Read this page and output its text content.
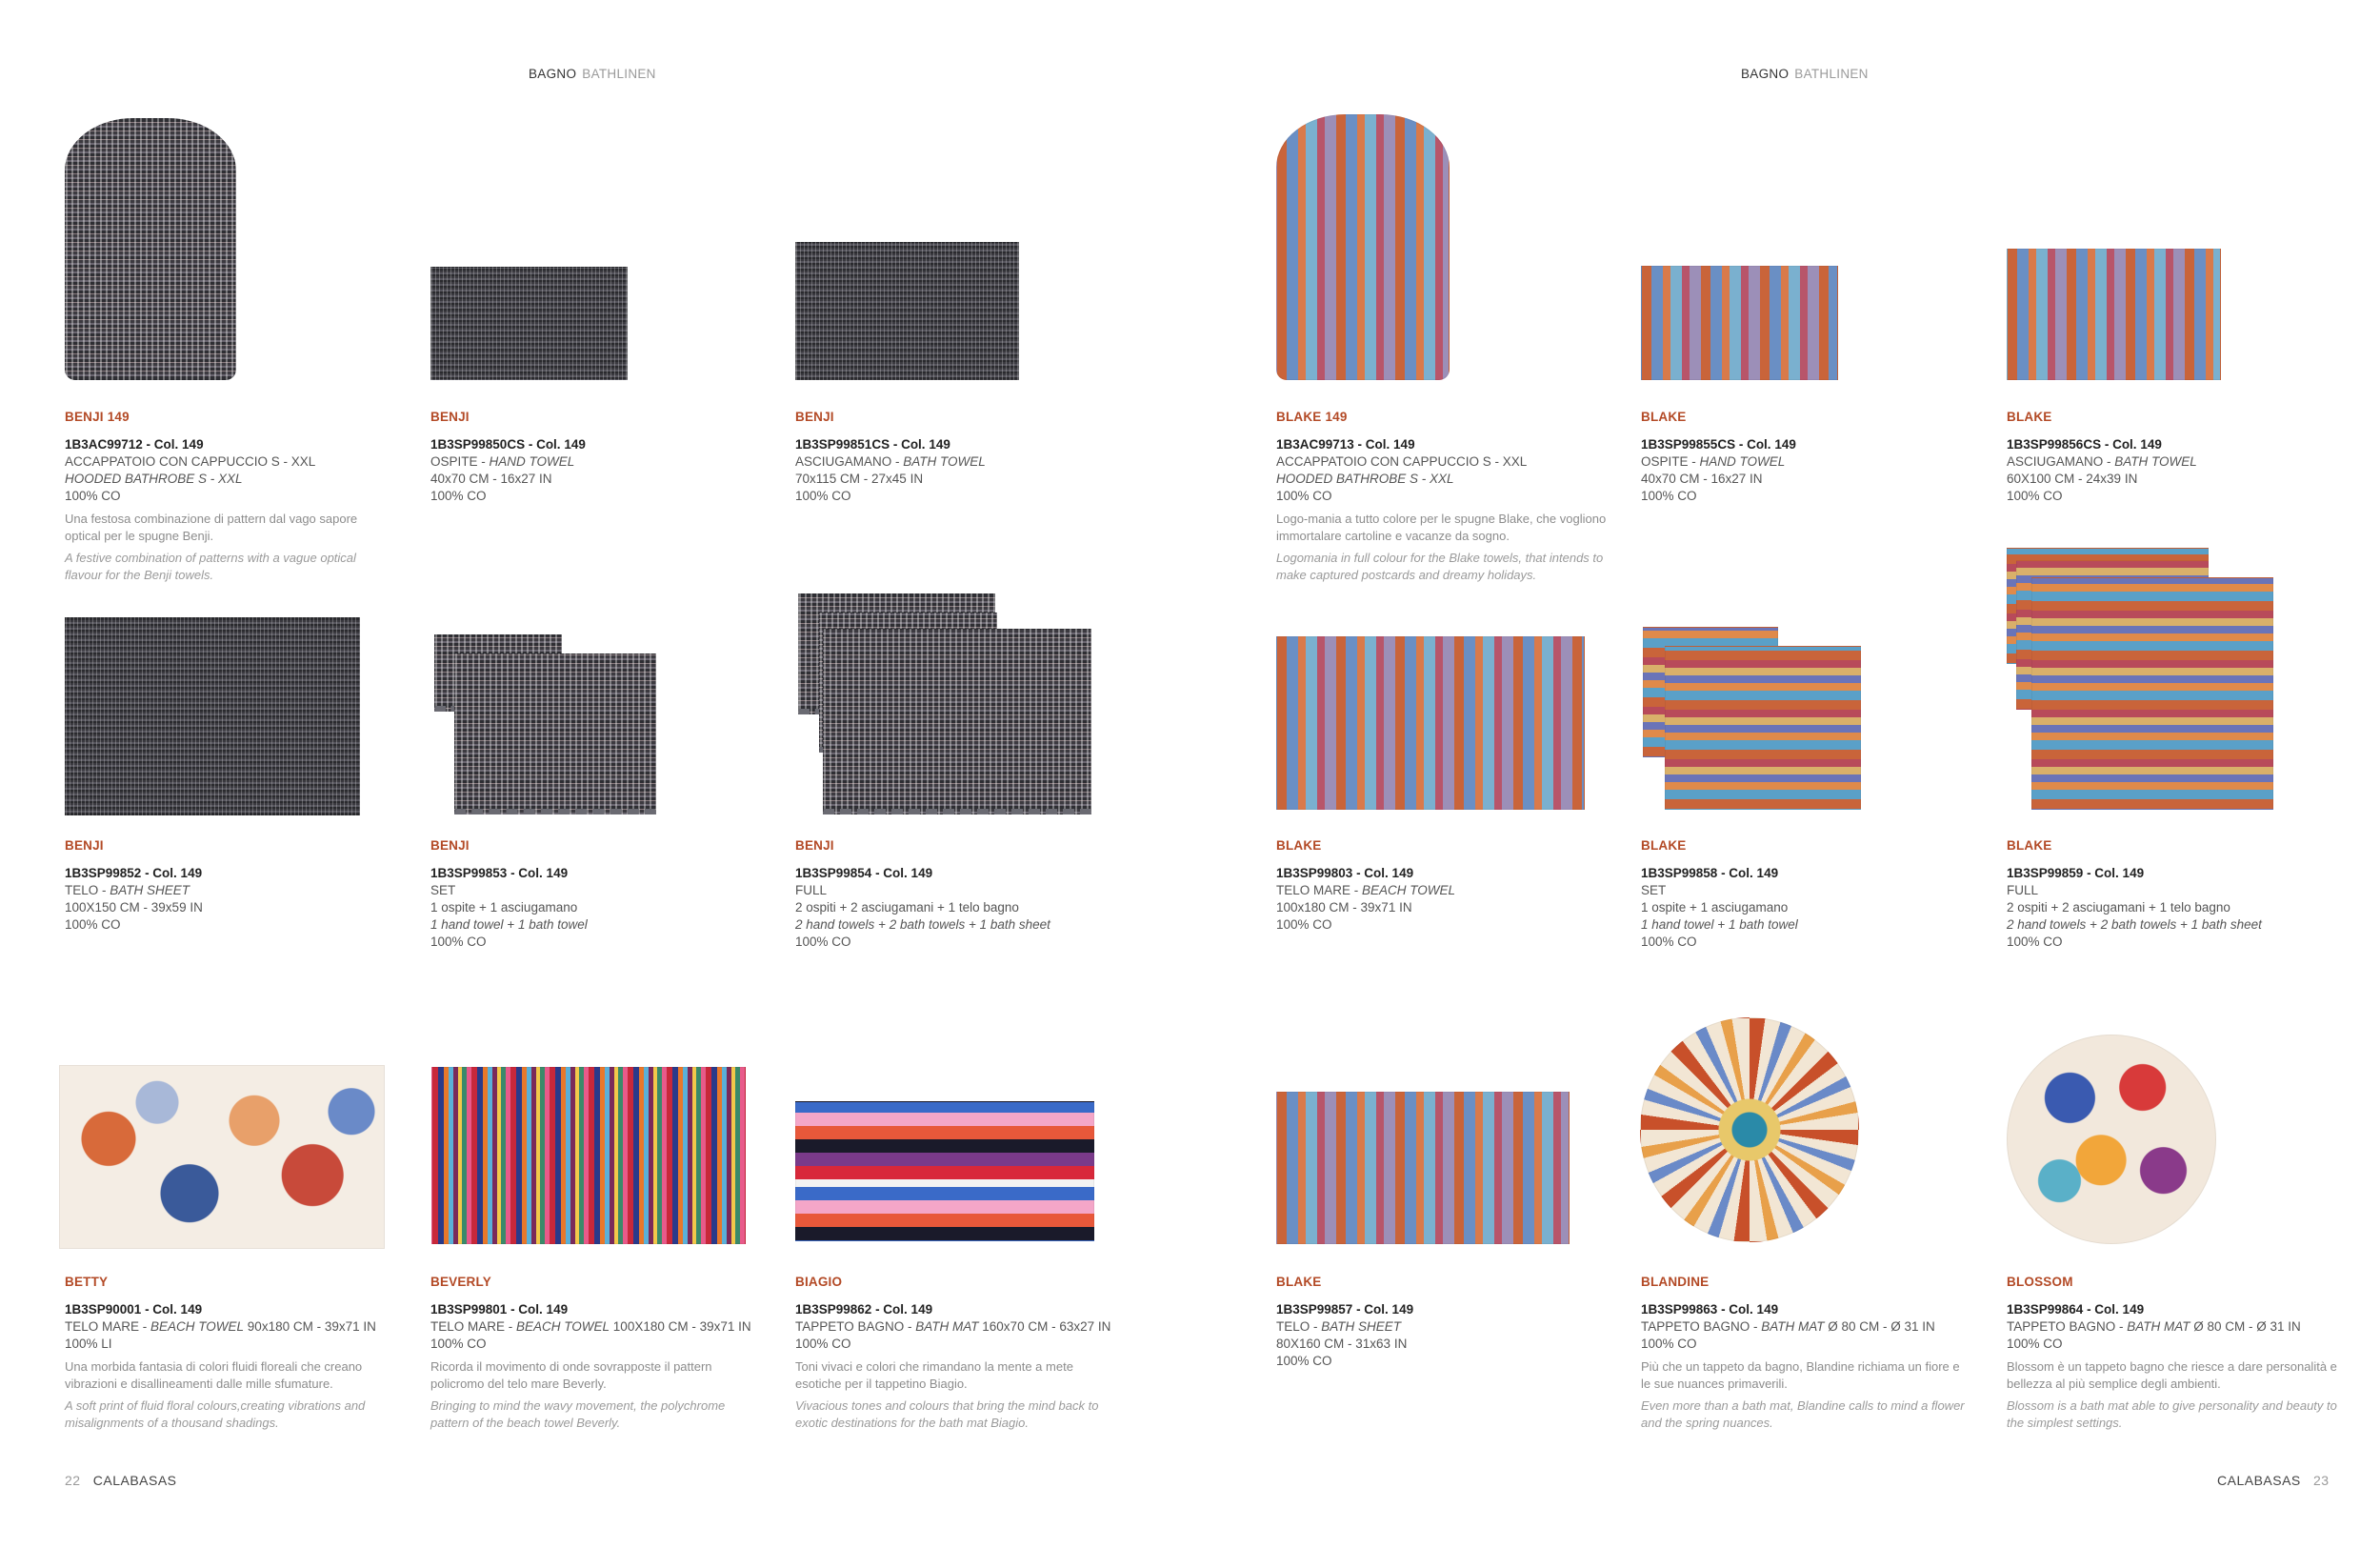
BAGNO BATHLINEN	BAGNO BATHLINEN
BENJI 149
1B3AC99712 - Col. 149
ACCAPPATOIO CON CAPPUCCIO S - XXL
HOODED BATHROBE S - XXL
100% CO
Una festosa combinazione di pattern dal vago sapore optical per le spugne Benji.
A festive combination of patterns with a vague optical flavour for the Benji towels.
BENJI
1B3SP99850CS - Col. 149
OSPITE - HAND TOWEL
40x70 CM - 16x27 IN
100% CO
BENJI
1B3SP99851CS - Col. 149
ASCIUGAMANO - BATH TOWEL
70x115 CM - 27x45 IN
100% CO
BLAKE 149
1B3AC99713 - Col. 149
ACCAPPATOIO CON CAPPUCCIO S - XXL
HOODED BATHROBE S - XXL
100% CO
Logo-mania a tutto colore per le spugne Blake, che vogliono immortalare cartoline e vacanze da sogno.
Logomania in full colour for the Blake towels, that intends to make captured postcards and dreamy holidays.
BLAKE
1B3SP99855CS - Col. 149
OSPITE - HAND TOWEL
40x70 CM - 16x27 IN
100% CO
BLAKE
1B3SP99856CS - Col. 149
ASCIUGAMANO - BATH TOWEL
60X100 CM - 24x39 IN
100% CO
BENJI
1B3SP99852 - Col. 149
TELO - BATH SHEET
100X150 CM - 39x59 IN
100% CO
BENJI
1B3SP99853 - Col. 149
SET
1 ospite + 1 asciugamano
1 hand towel + 1 bath towel
100% CO
BENJI
1B3SP99854 - Col. 149
FULL
2 ospiti + 2 asciugamani + 1 telo bagno
2 hand towels + 2 bath towels + 1 bath sheet
100% CO
BLAKE
1B3SP99803 - Col. 149
TELO MARE - BEACH TOWEL
100x180 CM - 39x71 IN
100% CO
BLAKE
1B3SP99858 - Col. 149
SET
1 ospite + 1 asciugamano
1 hand towel + 1 bath towel
100% CO
BLAKE
1B3SP99859 - Col. 149
FULL
2 ospiti + 2 asciugamani + 1 telo bagno
2 hand towels + 2 bath towels + 1 bath sheet
100% CO
BETTY
1B3SP90001 - Col. 149
TELO MARE - BEACH TOWEL 90x180 CM - 39x71 IN
100% LI
Una morbida fantasia di colori fluidi floreali che creano vibrazioni e disallineamenti dalle mille sfumature.
A soft print of fluid floral colours,creating vibrations and misalignments of a thousand shadings.
BEVERLY
1B3SP99801 - Col. 149
TELO MARE - BEACH TOWEL 100X180 CM - 39x71 IN
100% CO
Ricorda il movimento di onde sovrapposte il pattern policromo del telo mare Beverly.
Bringing to mind the wavy movement, the polychrome pattern of the beach towel Beverly.
BIAGIO
1B3SP99862 - Col. 149
TAPPETO BAGNO - BATH MAT 160x70 CM - 63x27 IN
100% CO
Toni vivaci e colori che rimandano la mente a mete esotiche per il tappetino Biagio.
Vivacious tones and colours that bring the mind back to exotic destinations for the bath mat Biagio.
BLAKE
1B3SP99857 - Col. 149
TELO - BATH SHEET
80X160 CM - 31x63 IN
100% CO
BLANDINE
1B3SP99863 - Col. 149
TAPPETO BAGNO - BATH MAT Ø 80 CM - Ø 31 IN
100% CO
Più che un tappeto da bagno, Blandine richiama un fiore e le sue nuances primaverili.
Even more than a bath mat, Blandine calls to mind a flower and the spring nuances.
BLOSSOM
1B3SP99864 - Col. 149
TAPPETO BAGNO - BATH MAT Ø 80 CM - Ø 31 IN
100% CO
Blossom è un tappeto bagno che riesce a dare personalità e bellezza al più semplice degli ambienti.
Blossom is a bath mat able to give personality and beauty to the simplest settings.
22 CALABASAS	CALABASAS 23
